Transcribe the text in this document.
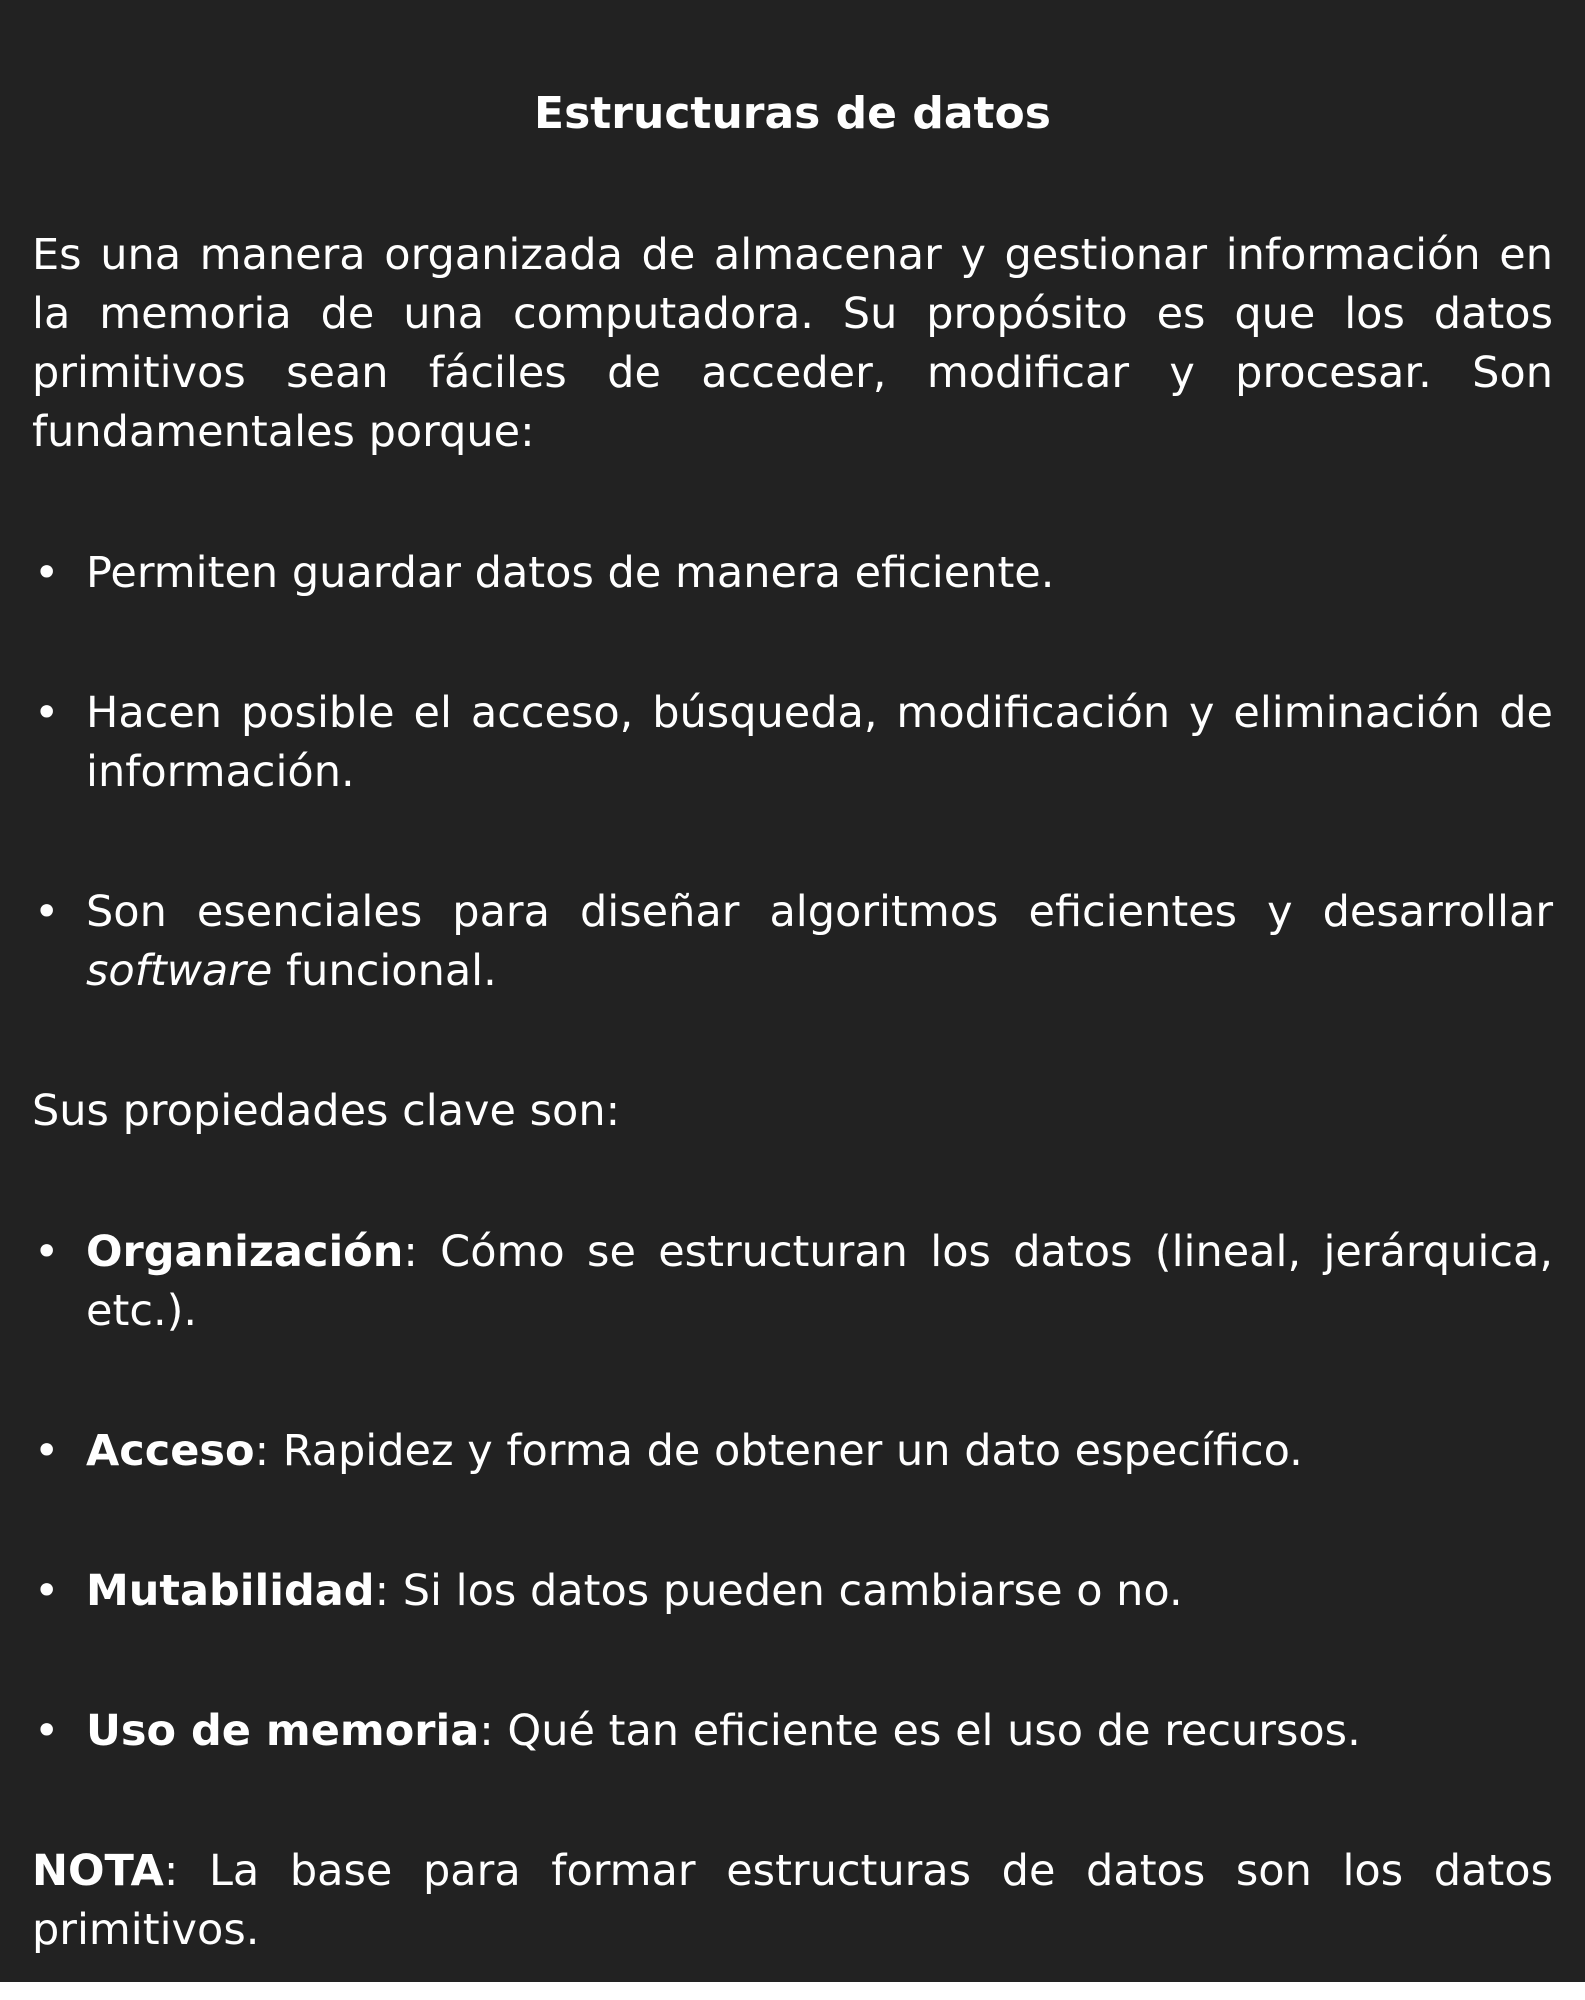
Estructuras de datos

Es una manera organizada de almacenar y gestionar información en la memoria de una computadora. Su propósito es que los datos primitivos sean fáciles de acceder, modificar y procesar. Son fundamentales porque:

• Permiten guardar datos de manera eficiente.
• Hacen posible el acceso, búsqueda, modificación y eliminación de información.
• Son esenciales para diseñar algoritmos eficientes y desarrollar software funcional.

Sus propiedades clave son:

• Organización: Cómo se estructuran los datos (lineal, jerárquica, etc.).
• Acceso: Rapidez y forma de obtener un dato específico.
• Mutabilidad: Si los datos pueden cambiarse o no.
• Uso de memoria: Qué tan eficiente es el uso de recursos.

NOTA: La base para formar estructuras de datos son los datos primitivos.
